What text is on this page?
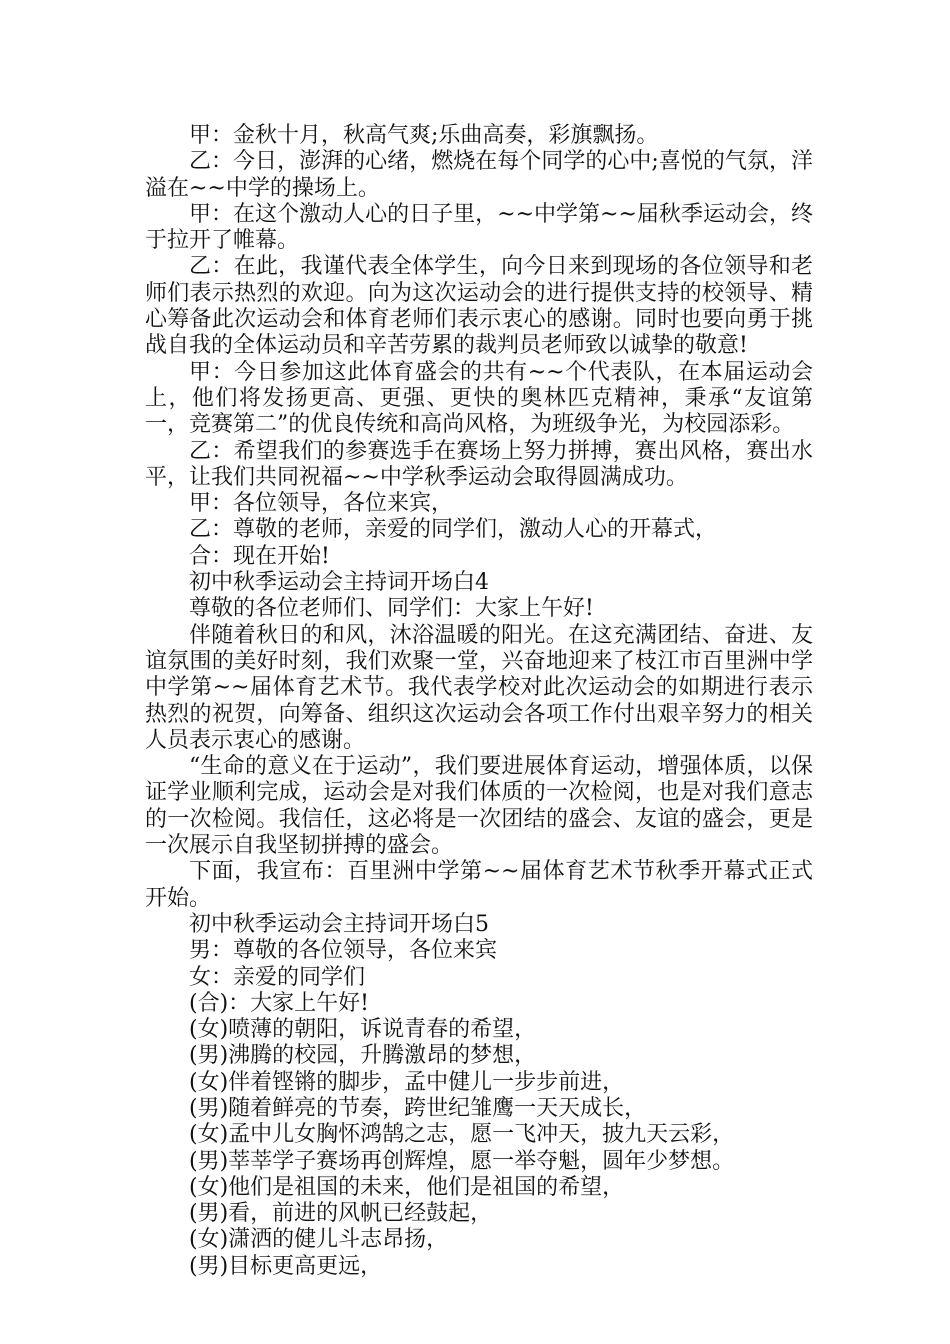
甲：金秋十月，秋高气爽;乐曲高奏，彩旗飘扬。

乙：今日，澎湃的心绪，燃烧在每个同学的心中;喜悦的气氛，洋溢在~~中学的操场上。

甲：在这个激动人心的日子里，~~中学第~~届秋季运动会，终于拉开了帷幕。

乙：在此，我谨代表全体学生，向今日来到现场的各位领导和老师们表示热烈的欢迎。向为这次运动会的进行提供支持的校领导、精心筹备此次运动会和体育老师们表示衷心的感谢。同时也要向勇于挑战自我的全体运动员和辛苦劳累的裁判员老师致以诚挚的敬意!

甲：今日参加这此体育盛会的共有~~个代表队，在本届运动会上，他们将发扬更高、更强、更快的奥林匹克精神，秉承“友谊第一，竞赛第二”的优良传统和高尚风格，为班级争光，为校园添彩。

乙：希望我们的参赛选手在赛场上努力拼搏，赛出风格，赛出水平，让我们共同祝福~~中学秋季运动会取得圆满成功。

甲：各位领导，各位来宾，

乙：尊敬的老师，亲爱的同学们，激动人心的开幕式，

合：现在开始!

初中秋季运动会主持词开场白4

尊敬的各位老师们、同学们：大家上午好!

伴随着秋日的和风，沐浴温暖的阳光。在这充满团结、奋进、友谊氛围的美好时刻，我们欢聚一堂，兴奋地迎来了枝江市百里洲中学中学第~~届体育艺术节。我代表学校对此次运动会的如期进行表示热烈的祝贺，向筹备、组织这次运动会各项工作付出艰辛努力的相关人员表示衷心的感谢。

“生命的意义在于运动”，我们要进展体育运动，增强体质，以保证学业顺利完成，运动会是对我们体质的一次检阅，也是对我们意志的一次检阅。我信任，这必将是一次团结的盛会、友谊的盛会，更是一次展示自我坚韧拼搏的盛会。

下面，我宣布：百里洲中学第~~届体育艺术节秋季开幕式正式开始。

初中秋季运动会主持词开场白5

男：尊敬的各位领导，各位来宾

女：亲爱的同学们

(合)：大家上午好!

(女)喷薄的朝阳，诉说青春的希望，

(男)沸腾的校园，升腾激昂的梦想，

(女)伴着铿锵的脚步，孟中健儿一步步前进，

(男)随着鲜亮的节奏，跨世纪雏鹰一天天成长，

(女)孟中儿女胸怀鸿鹄之志，愿一飞冲天，披九天云彩，

(男)莘莘学子赛场再创辉煌，愿一举夺魁，圆年少梦想。

(女)他们是祖国的未来，他们是祖国的希望，

(男)看，前进的风帆已经鼓起，

(女)潇洒的健儿斗志昂扬，

(男)目标更高更远，
